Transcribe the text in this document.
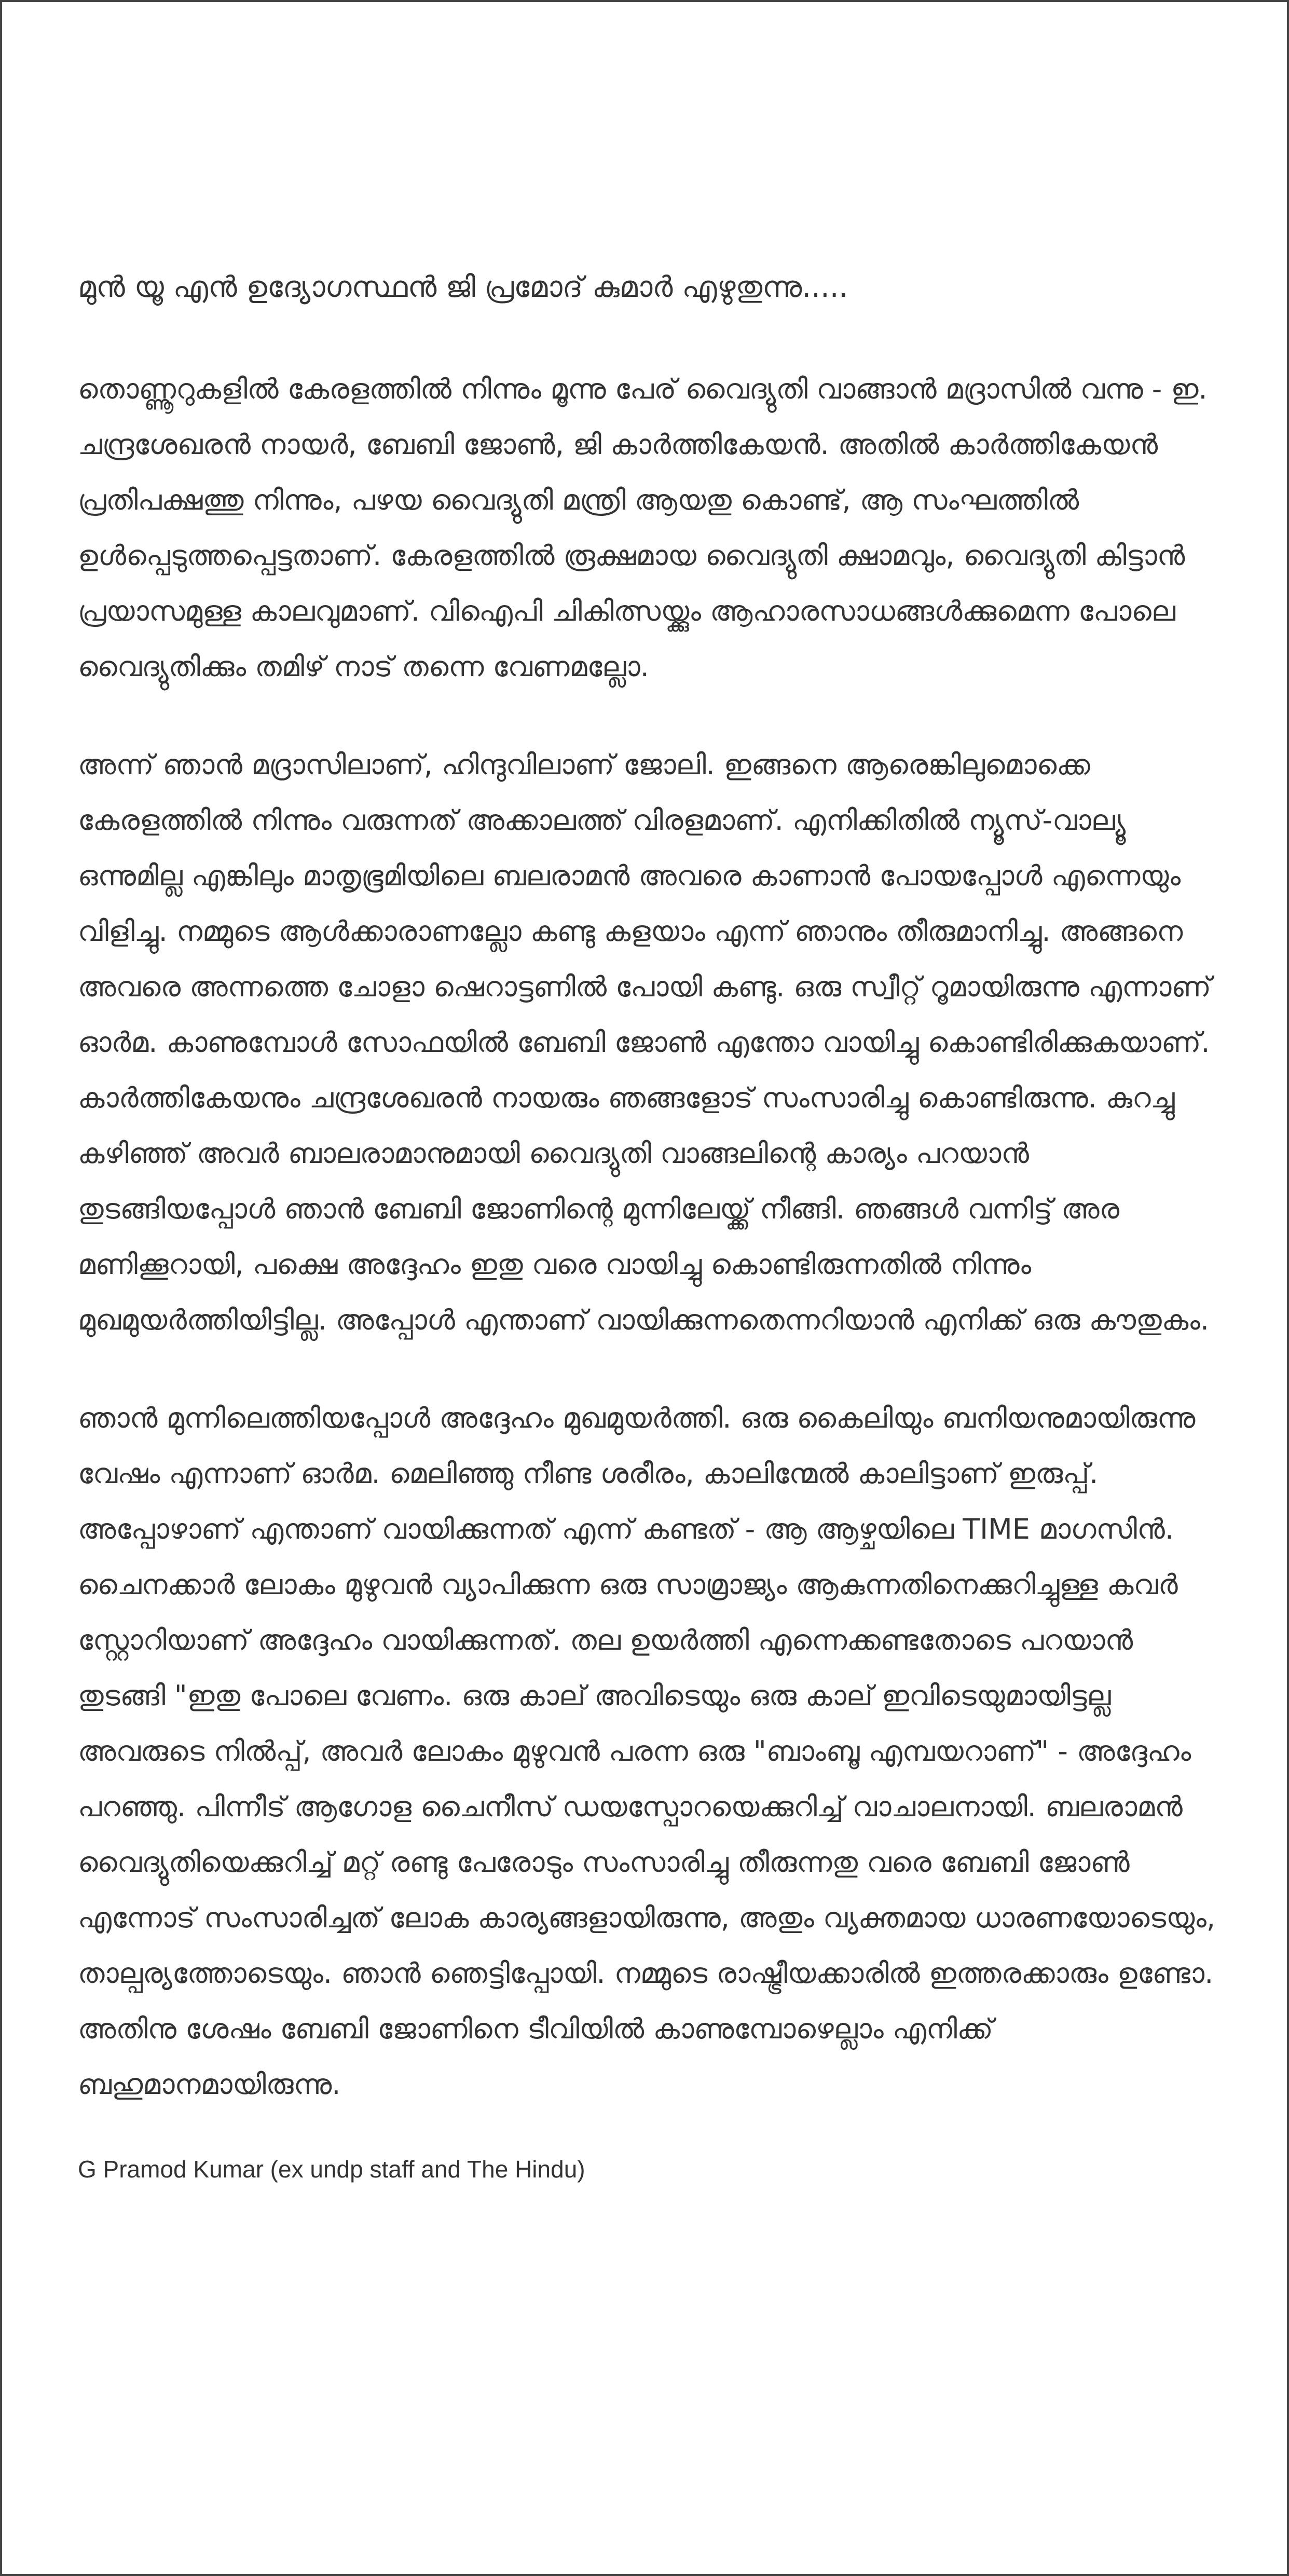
മുൻ യൂ എൻ ഉദ്യോഗസ്ഥൻ ജി പ്രമോദ് കുമാർ എഴുതുന്നു.....

തൊണ്ണൂറുകളിൽ കേരളത്തിൽ നിന്നും മൂന്നു പേര് വൈദ്യുതി വാങ്ങാൻ മദ്രാസിൽ വന്നു - ഇ. ചന്ദ്രശേഖരൻ നായർ, ബേബി ജോൺ, ജി കാർത്തികേയൻ. അതിൽ കാർത്തികേയൻ പ്രതിപക്ഷത്തു നിന്നും, പഴയ വൈദ്യുതി മന്ത്രി ആയതു കൊണ്ട്, ആ സംഘത്തിൽ ഉൾപ്പെടുത്തപ്പെട്ടതാണ്. കേരളത്തിൽ രൂക്ഷമായ വൈദ്യുതി ക്ഷാമവും, വൈദ്യുതി കിട്ടാൻ പ്രയാസമുള്ള കാലവുമാണ്. വിഐപി ചികിത്സയ്ക്കും ആഹാരസാധങ്ങൾക്കുമെന്ന പോലെ വൈദ്യുതിക്കും തമിഴ് നാട് തന്നെ വേണമല്ലോ.

അന്ന് ഞാൻ മദ്രാസിലാണ്, ഹിന്ദുവിലാണ് ജോലി. ഇങ്ങനെ ആരെങ്കിലുമൊക്കെ കേരളത്തിൽ നിന്നും വരുന്നത് അക്കാലത്ത് വിരളമാണ്. എനിക്കിതിൽ ന്യൂസ്-വാല്യൂ ഒന്നുമില്ല എങ്കിലും മാതൃഭൂമിയിലെ ബലരാമൻ അവരെ കാണാൻ പോയപ്പോൾ എന്നെയും വിളിച്ചു. നമ്മുടെ ആൾക്കാരാണല്ലോ കണ്ടു കളയാം എന്ന് ഞാനും തീരുമാനിച്ചു. അങ്ങനെ അവരെ അന്നത്തെ ചോളാ ഷെറാട്ടണിൽ പോയി കണ്ടു. ഒരു സ്വീറ്റ് റൂമായിരുന്നു എന്നാണ് ഓർമ. കാണുമ്പോൾ സോഫയിൽ ബേബി ജോൺ എന്തോ വായിച്ചു കൊണ്ടിരിക്കുകയാണ്. കാർത്തികേയനും ചന്ദ്രശേഖരൻ നായരും ഞങ്ങളോട് സംസാരിച്ചു കൊണ്ടിരുന്നു. കുറച്ചു കഴിഞ്ഞ് അവർ ബാലരാമാനുമായി വൈദ്യുതി വാങ്ങലിന്റെ കാര്യം പറയാൻ തുടങ്ങിയപ്പോൾ ഞാൻ ബേബി ജോണിന്റെ മുന്നിലേയ്ക്ക് നീങ്ങി. ഞങ്ങൾ വന്നിട്ട് അര മണിക്കൂറായി, പക്ഷെ അദ്ദേഹം ഇതു വരെ വായിച്ചു കൊണ്ടിരുന്നതിൽ നിന്നും മുഖമുയർത്തിയിട്ടില്ല. അപ്പോൾ എന്താണ് വായിക്കുന്നതെന്നറിയാൻ എനിക്ക് ഒരു കൗതുകം.

ഞാൻ മുന്നിലെത്തിയപ്പോൾ അദ്ദേഹം മുഖമുയർത്തി. ഒരു കൈലിയും ബനിയനുമായിരുന്നു വേഷം എന്നാണ് ഓർമ. മെലിഞ്ഞു നീണ്ട ശരീരം, കാലിന്മേൽ കാലിട്ടാണ് ഇരുപ്പ്. അപ്പോഴാണ് എന്താണ് വായിക്കുന്നത് എന്ന് കണ്ടത് - ആ ആഴ്ചയിലെ TIME മാഗസിൻ. ചൈനക്കാർ ലോകം മുഴുവൻ വ്യാപിക്കുന്ന ഒരു സാമ്രാജ്യം ആകുന്നതിനെക്കുറിച്ചുള്ള കവർ സ്റ്റോറിയാണ് അദ്ദേഹം വായിക്കുന്നത്. തല ഉയർത്തി എന്നെക്കണ്ടതോടെ പറയാൻ തുടങ്ങി "ഇതു പോലെ വേണം. ഒരു കാല് അവിടെയും ഒരു കാല് ഇവിടെയുമായിട്ടല്ല അവരുടെ നിൽപ്പ്, അവർ ലോകം മുഴുവൻ പരന്ന ഒരു "ബാംബൂ എമ്പയറാണ്" - അദ്ദേഹം പറഞ്ഞു. പിന്നീട് ആഗോള ചൈനീസ് ഡയസ്പോറയെക്കുറിച്ച് വാചാലനായി. ബലരാമൻ വൈദ്യുതിയെക്കുറിച്ച് മറ്റ് രണ്ടു പേരോടും സംസാരിച്ചു തീരുന്നതു വരെ ബേബി ജോൺ എന്നോട് സംസാരിച്ചത് ലോക കാര്യങ്ങളായിരുന്നു, അതും വ്യക്തമായ ധാരണയോടെയും, താല്പര്യത്തോടെയും. ഞാൻ ഞെട്ടിപ്പോയി. നമ്മുടെ രാഷ്ട്രീയക്കാരിൽ ഇത്തരക്കാരും ഉണ്ടോ. അതിനു ശേഷം ബേബി ജോണിനെ ടീവിയിൽ കാണുമ്പോഴെല്ലാം എനിക്ക് ബഹുമാനമായിരുന്നു.

G Pramod Kumar (ex undp staff and The Hindu)
